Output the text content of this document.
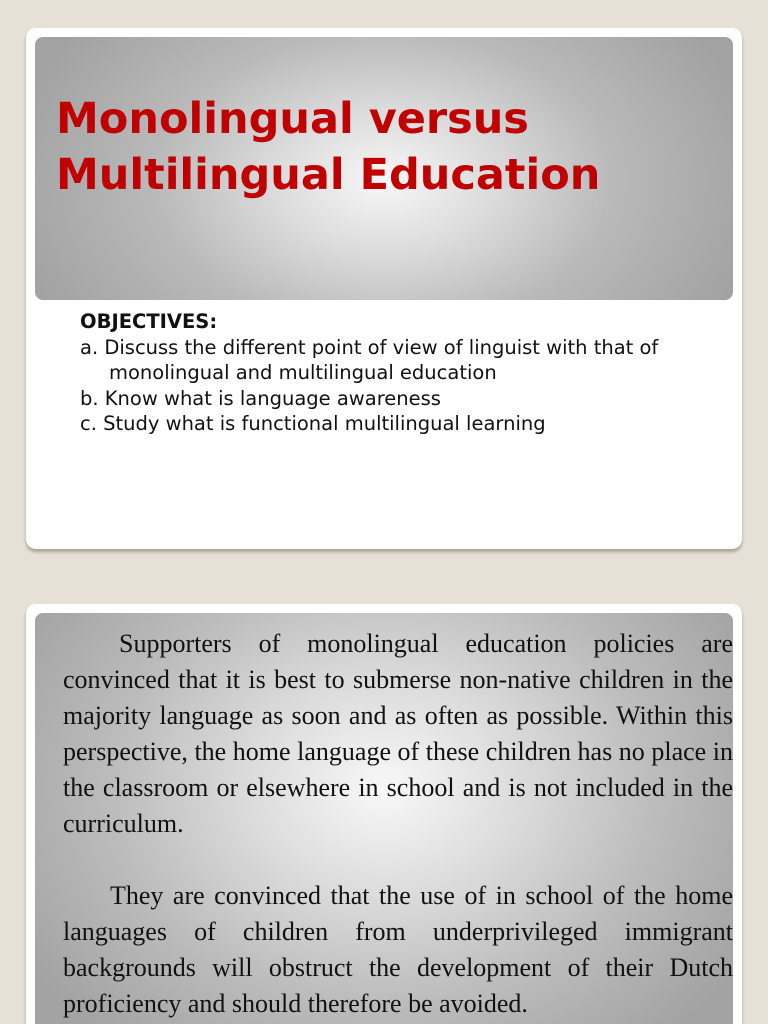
Monolingual versus
Multilingual Education
OBJECTIVES:
a. Discuss the different point of view of linguist with that of monolingual and multilingual education
b. Know what is language awareness
c. Study what is functional multilingual learning

Supporters of monolingual education policies are convinced that it is best to submerse non-native children in the majority language as soon and as often as possible. Within this perspective, the home language of these children has no place in the classroom or elsewhere in school and is not included in the curriculum.

They are convinced that the use of in school of the home languages of children from underprivileged immigrant backgrounds will obstruct the development of their Dutch proficiency and should therefore be avoided.
